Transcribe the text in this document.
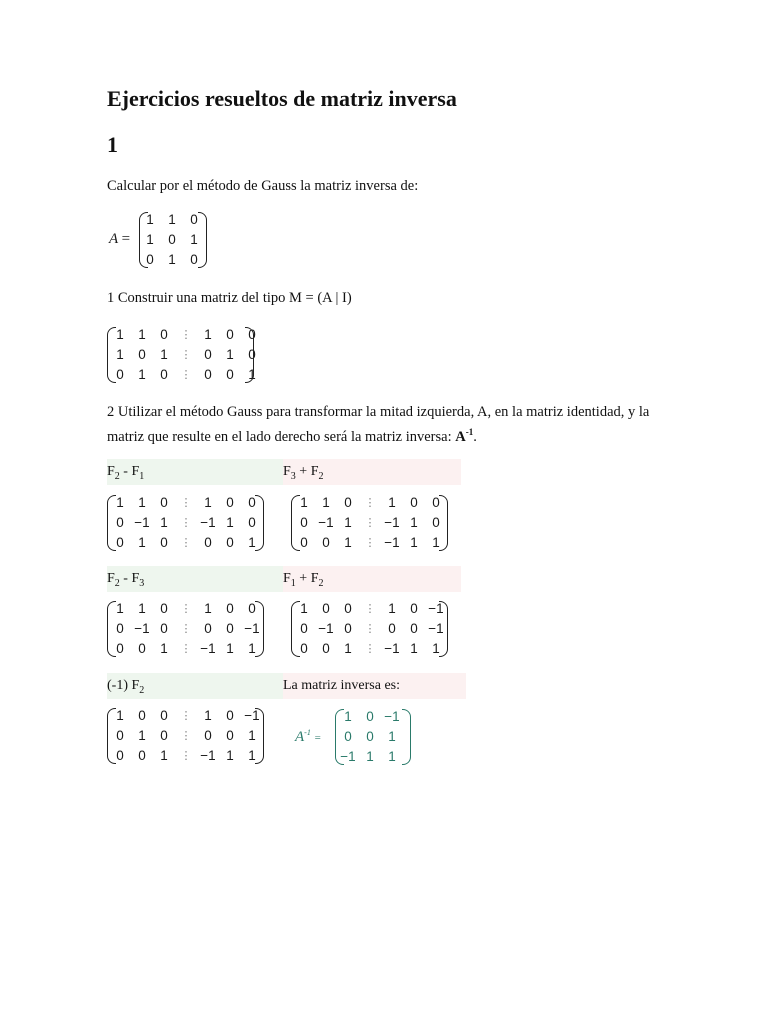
Ejercicios resueltos de matriz inversa
1

Calcular por el método de Gauss la matriz inversa de:

A =
1	1	0
1	0	1
0	1	0

1 Construir una matriz del tipo M = (A | I)

1	1	0	⋮ 1	0	0
1	0	1	⋮ 0	1	0
0	1	0	⋮ 0	0	1

2 Utilizar el método Gauss para transformar la mitad izquierda, A, en la matriz identidad, y la matriz que resulte en el lado derecho será la matriz inversa: $A^{-1}$.

$F_2 - F_1$
1	1	0	⋮ 1	0	0
0 −1 1	⋮ −1 1	0
0	1	0	⋮ 0	0	1
$F_3 + F_2$
1	1	0	⋮ 1	0	0
0 −1 1	⋮ −1 1	0
0	0	1	⋮ −1 1	1
$F_2 - F_3$
1	1	0	⋮ 1	0	0
0 −1 0	⋮ 0	0 −1
0	0	1	⋮ −1 1	1
$F_1 + F_2$
1	0	0	⋮ 1	0 −1
0 −1 0	⋮ 0	0 −1
0	0	1	⋮ −1 1	1
(-1) $F_2$
1	0	0	⋮ 1	0 −1
0	1	0	⋮ 0	0	1
0	0	1	⋮ −1 1	1
La matriz inversa es:
$A^{-1}$ =
1	0 −1
0	0	1
−1 1	1
